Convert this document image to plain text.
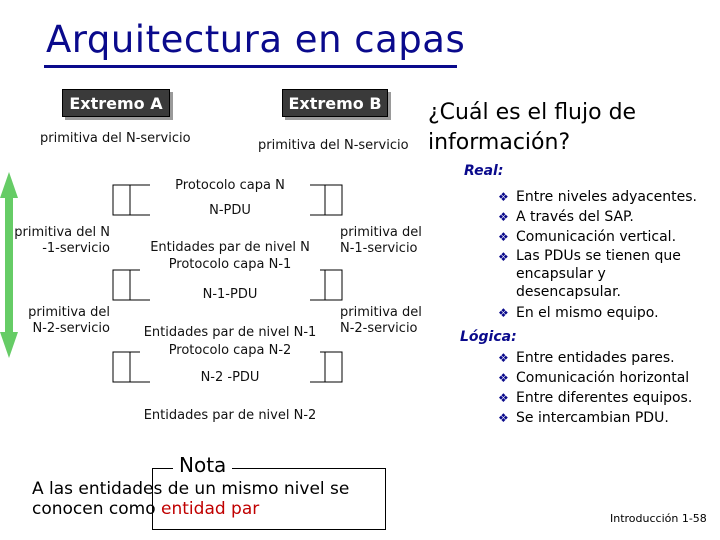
Arquitectura en capas
Extremo A	Extremo B
primitiva del N-servicio	primitiva del N-servicio
Protocolo capa N
N-PDU
Entidades par de nivel N
Protocolo capa N-1
N-1-PDU
Entidades par de nivel N-1
Protocolo capa N-2
N-2 -PDU
Entidades par de nivel N-2
primitiva del N
-1-servicio
primitiva del
N-2-servicio
primitiva del
N-1-servicio
primitiva del
N-2-servicio
¿Cuál es el flujo de
información?
Real:
❖ Entre niveles adyacentes.
❖ A través del SAP.
❖ Comunicación vertical.
❖ Las PDUs se tienen que encapsular y desencapsular.
❖ En el mismo equipo.
Lógica:
❖ Entre entidades pares.
❖ Comunicación horizontal
❖ Entre diferentes equipos.
❖ Se intercambian PDU.
Nota
A las entidades de un mismo nivel se
conocen como entidad par	Introducción 1-58
